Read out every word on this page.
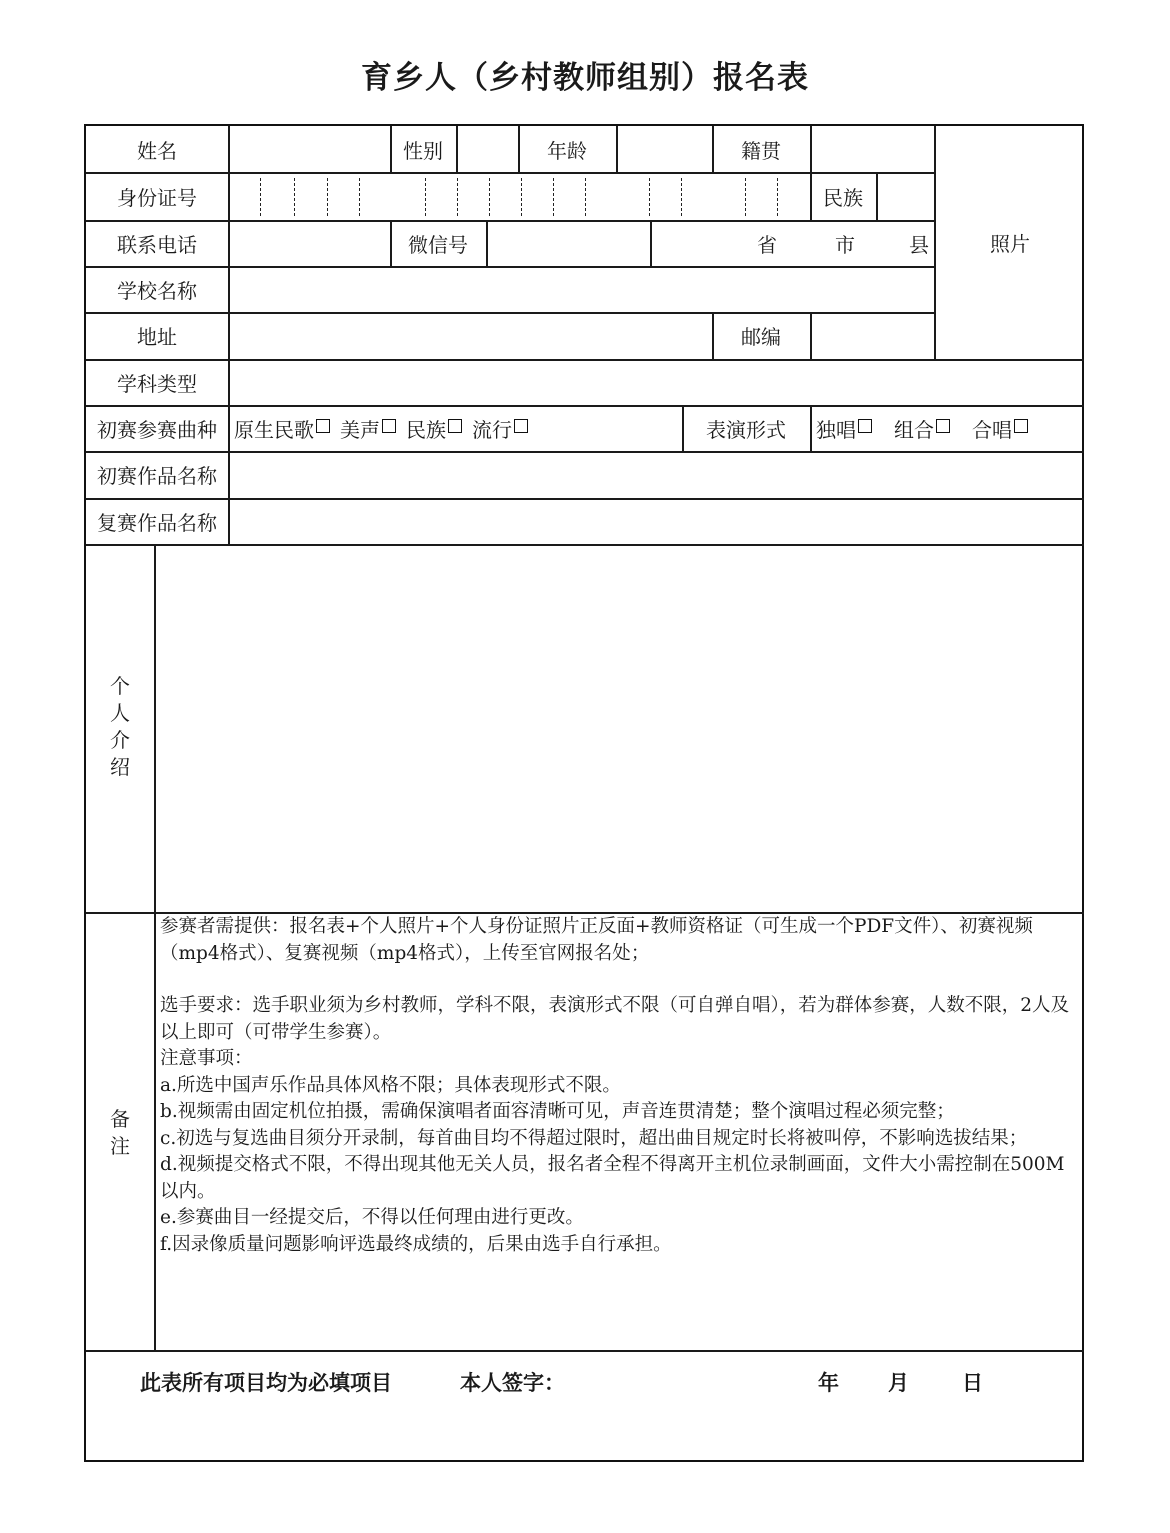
育乡人（乡村教师组别）报名表
姓名	性别	年龄	籍贯
身份证号	民族
联系电话	微信号	省	市	县	照片
学校名称
地址	邮编
学科类型
初赛参赛曲种 原生民歌 美声 民族 流行	表演形式	独唱 组合 合唱
初赛作品名称
复赛作品名称
个人介绍
备注

参赛者需提供：报名表+个人照片+个人身份证照片正反面+教师资格证（可生成一个PDF文件）、初赛视频（mp4格式）、复赛视频（mp4格式），上传至官网报名处；

选手要求：选手职业须为乡村教师，学科不限，表演形式不限（可自弹自唱），若为群体参赛，人数不限，2人及以上即可（可带学生参赛）。

注意事项：

a.所选中国声乐作品具体风格不限；具体表现形式不限。

b.视频需由固定机位拍摄，需确保演唱者面容清晰可见，声音连贯清楚；整个演唱过程必须完整；

c.初选与复选曲目须分开录制，每首曲目均不得超过限时，超出曲目规定时长将被叫停，不影响选拔结果；

d.视频提交格式不限，不得出现其他无关人员，报名者全程不得离开主机位录制画面，文件大小需控制在500M以内。

e.参赛曲目一经提交后，不得以任何理由进行更改。

f.因录像质量问题影响评选最终成绩的，后果由选手自行承担。

此表所有项目均为必填项目	本人签字：	年 月	日
